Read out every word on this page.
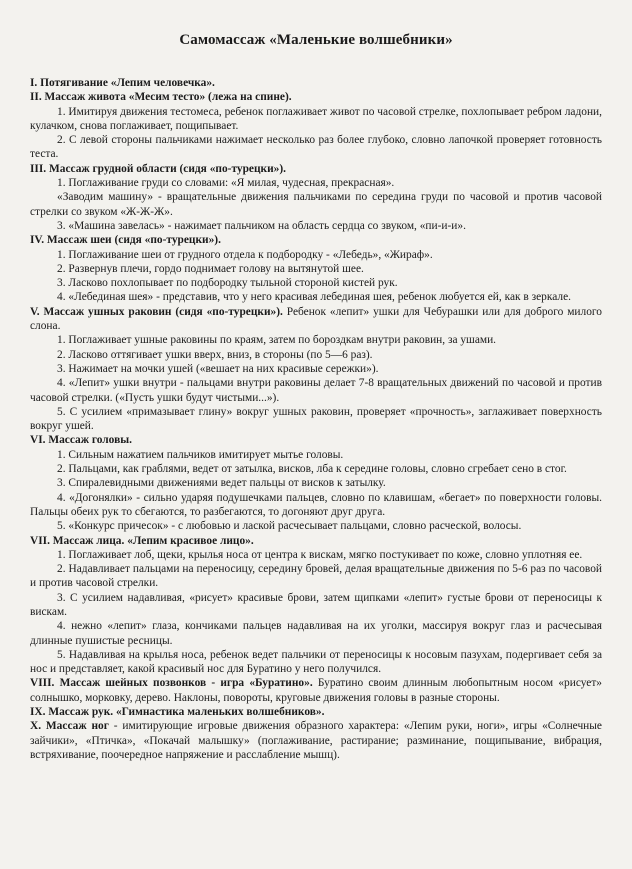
Самомассаж «Маленькие волшебники»

I. Потягивание «Лепим человечка».

II. Массаж живота «Месим тесто» (лежа на спине).

1. Имитируя движения тестомеса, ребенок поглаживает живот по часовой стрелке, похлопывает ребром ладони, кулачком, снова поглаживает, пощипывает.

2. С левой стороны пальчиками нажимает несколько раз более глубоко, словно лапочкой проверяет готовность теста.

III. Массаж грудной области (сидя «по-турецки»).

1. Поглаживание груди со словами: «Я милая, чудесная, прекрасная».

«Заводим машину» - вращательные движения пальчиками по середина груди по часовой и против часовой стрелки со звуком «Ж-Ж-Ж».

3. «Машина завелась» - нажимает пальчиком на область сердца со звуком, «пи-и-и».

IV. Массаж шеи (сидя «по-турецки»).

1. Поглаживание шеи от грудного отдела к подбородку - «Лебедь», «Жираф».

2. Развернув плечи, гордо поднимает голову на вытянутой шее.

3. Ласково похлопывает по подбородку тыльной стороной кистей рук.

4. «Лебединая шея» - представив, что у него красивая лебединая шея, ребенок любуется ей, как в зеркале.

V. Массаж ушных раковин (сидя «по-турецки»). Ребенок «лепит» ушки для Чебурашки или для доброго милого слона.

1. Поглаживает ушные раковины по краям, затем по бороздкам внутри раковин, за ушами.

2. Ласково оттягивает ушки вверх, вниз, в стороны (по 5—6 раз).

3. Нажимает на мочки ушей («вешает на них красивые сережки»).

4. «Лепит» ушки внутри - пальцами внутри раковины делает 7-8 вращательных движений по часовой и против часовой стрелки. («Пусть ушки будут чистыми...»).

5. С усилием «примазывает глину» вокруг ушных раковин, проверяет «прочность», заглаживает поверхность вокруг ушей.

VI. Массаж головы.

1. Сильным нажатием пальчиков имитирует мытье головы.

2. Пальцами, как граблями, ведет от затылка, висков, лба к середине головы, словно сгребает сено в стог.

3. Спиралевидными движениями ведет пальцы от висков к затылку.

4. «Догонялки» - сильно ударяя подушечками пальцев, словно по клавишам, «бегает» по поверхности головы. Пальцы обеих рук то сбегаются, то разбегаются, то догоняют друг друга.

5. «Конкурс причесок» - с любовью и лаской расчесывает пальцами, словно расческой, волосы.

VII. Массаж лица. «Лепим красивое лицо».

1. Поглаживает лоб, щеки, крылья носа от центра к вискам, мягко постукивает по коже, словно уплотняя ее.

2. Надавливает пальцами на переносицу, середину бровей, делая вращательные движения по 5-6 раз по часовой и против часовой стрелки.

3. С усилием надавливая, «рисует» красивые брови, затем щипками «лепит» густые брови от переносицы к вискам.

4. нежно «лепит» глаза, кончиками пальцев надавливая на их уголки, массируя вокруг глаз и расчесывая длинные пушистые ресницы.

5. Надавливая на крылья носа, ребенок ведет пальчики от переносицы к носовым пазухам, подергивает себя за нос и представляет, какой красивый нос для Буратино у него получился.

VIII. Массаж шейных позвонков - игра «Буратино». Буратино своим длинным любопытным носом «рисует» солнышко, морковку, дерево. Наклоны, повороты, круговые движения головы в разные стороны.

IX. Массаж рук. «Гимнастика маленьких волшебников».

X. Массаж ног - имитирующие игровые движения образного характера: «Лепим руки, ноги», игры «Солнечные зайчики», «Птичка», «Покачай малышку» (поглаживание, растирание; разминание, пощипывание, вибрация, встряхивание, поочередное напряжение и расслабление мышц).
